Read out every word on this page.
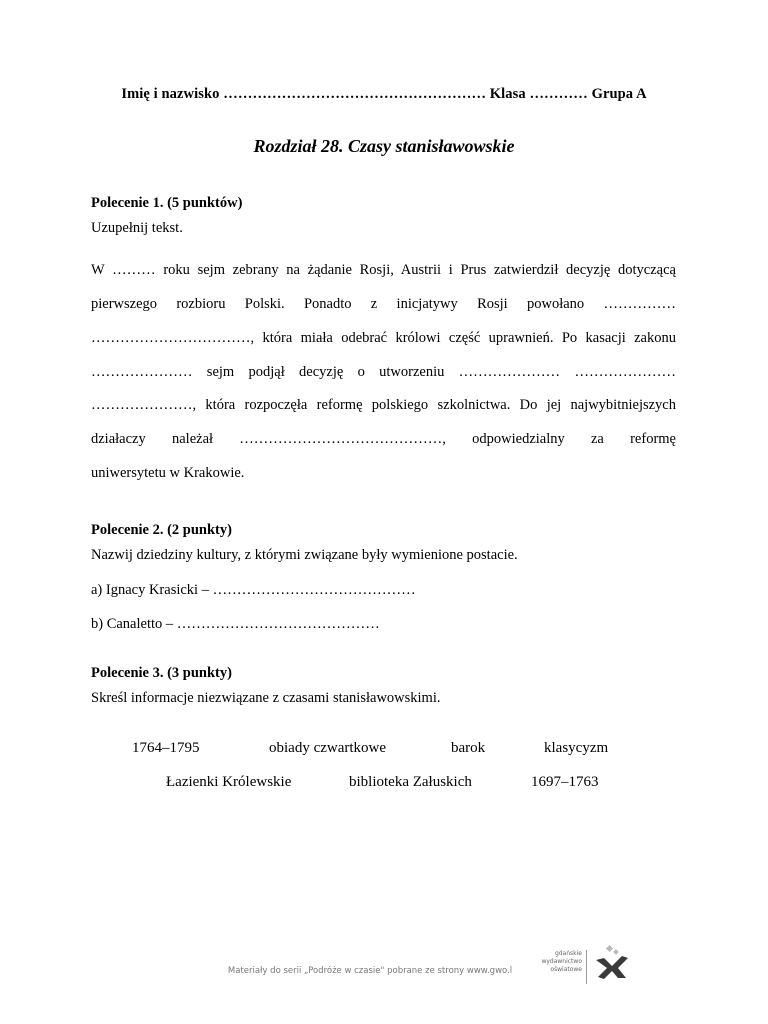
Imię i nazwisko ……………………………………………… Klasa ………… Grupa A
Rozdział 28. Czasy stanisławowskie
Polecenie 1. (5 punktów)
Uzupełnij tekst.
W ……… roku sejm zebrany na żądanie Rosji, Austrii i Prus zatwierdził decyzję dotyczącą
pierwszego rozbioru Polski. Ponadto z inicjatywy Rosji powołano ……………
……………………………, która miała odebrać królowi część uprawnień. Po kasacji zakonu
………………… sejm podjął decyzję o utworzeniu ………………… …………………
…………………, która rozpoczęła reformę polskiego szkolnictwa. Do jej najwybitniejszych
działaczy należał ……………………………………, odpowiedzialny za reformę
uniwersytetu w Krakowie.
Polecenie 2. (2 punkty)
Nazwij dziedziny kultury, z którymi związane były wymienione postacie.
a) Ignacy Krasicki – ……………………………………
b) Canaletto – ……………………………………
Polecenie 3. (3 punkty)
Skreśl informacje niezwiązane z czasami stanisławowskimi.
1764–1795	obiady czwartkowe	barok	klasycyzm
Łazienki Królewskie	biblioteka Załuskich	1697–1763
Materiały do serii „Podróże w czasie" pobrane ze strony www.gwo.l
gdańskie
wydawnictwo
oświatowe
